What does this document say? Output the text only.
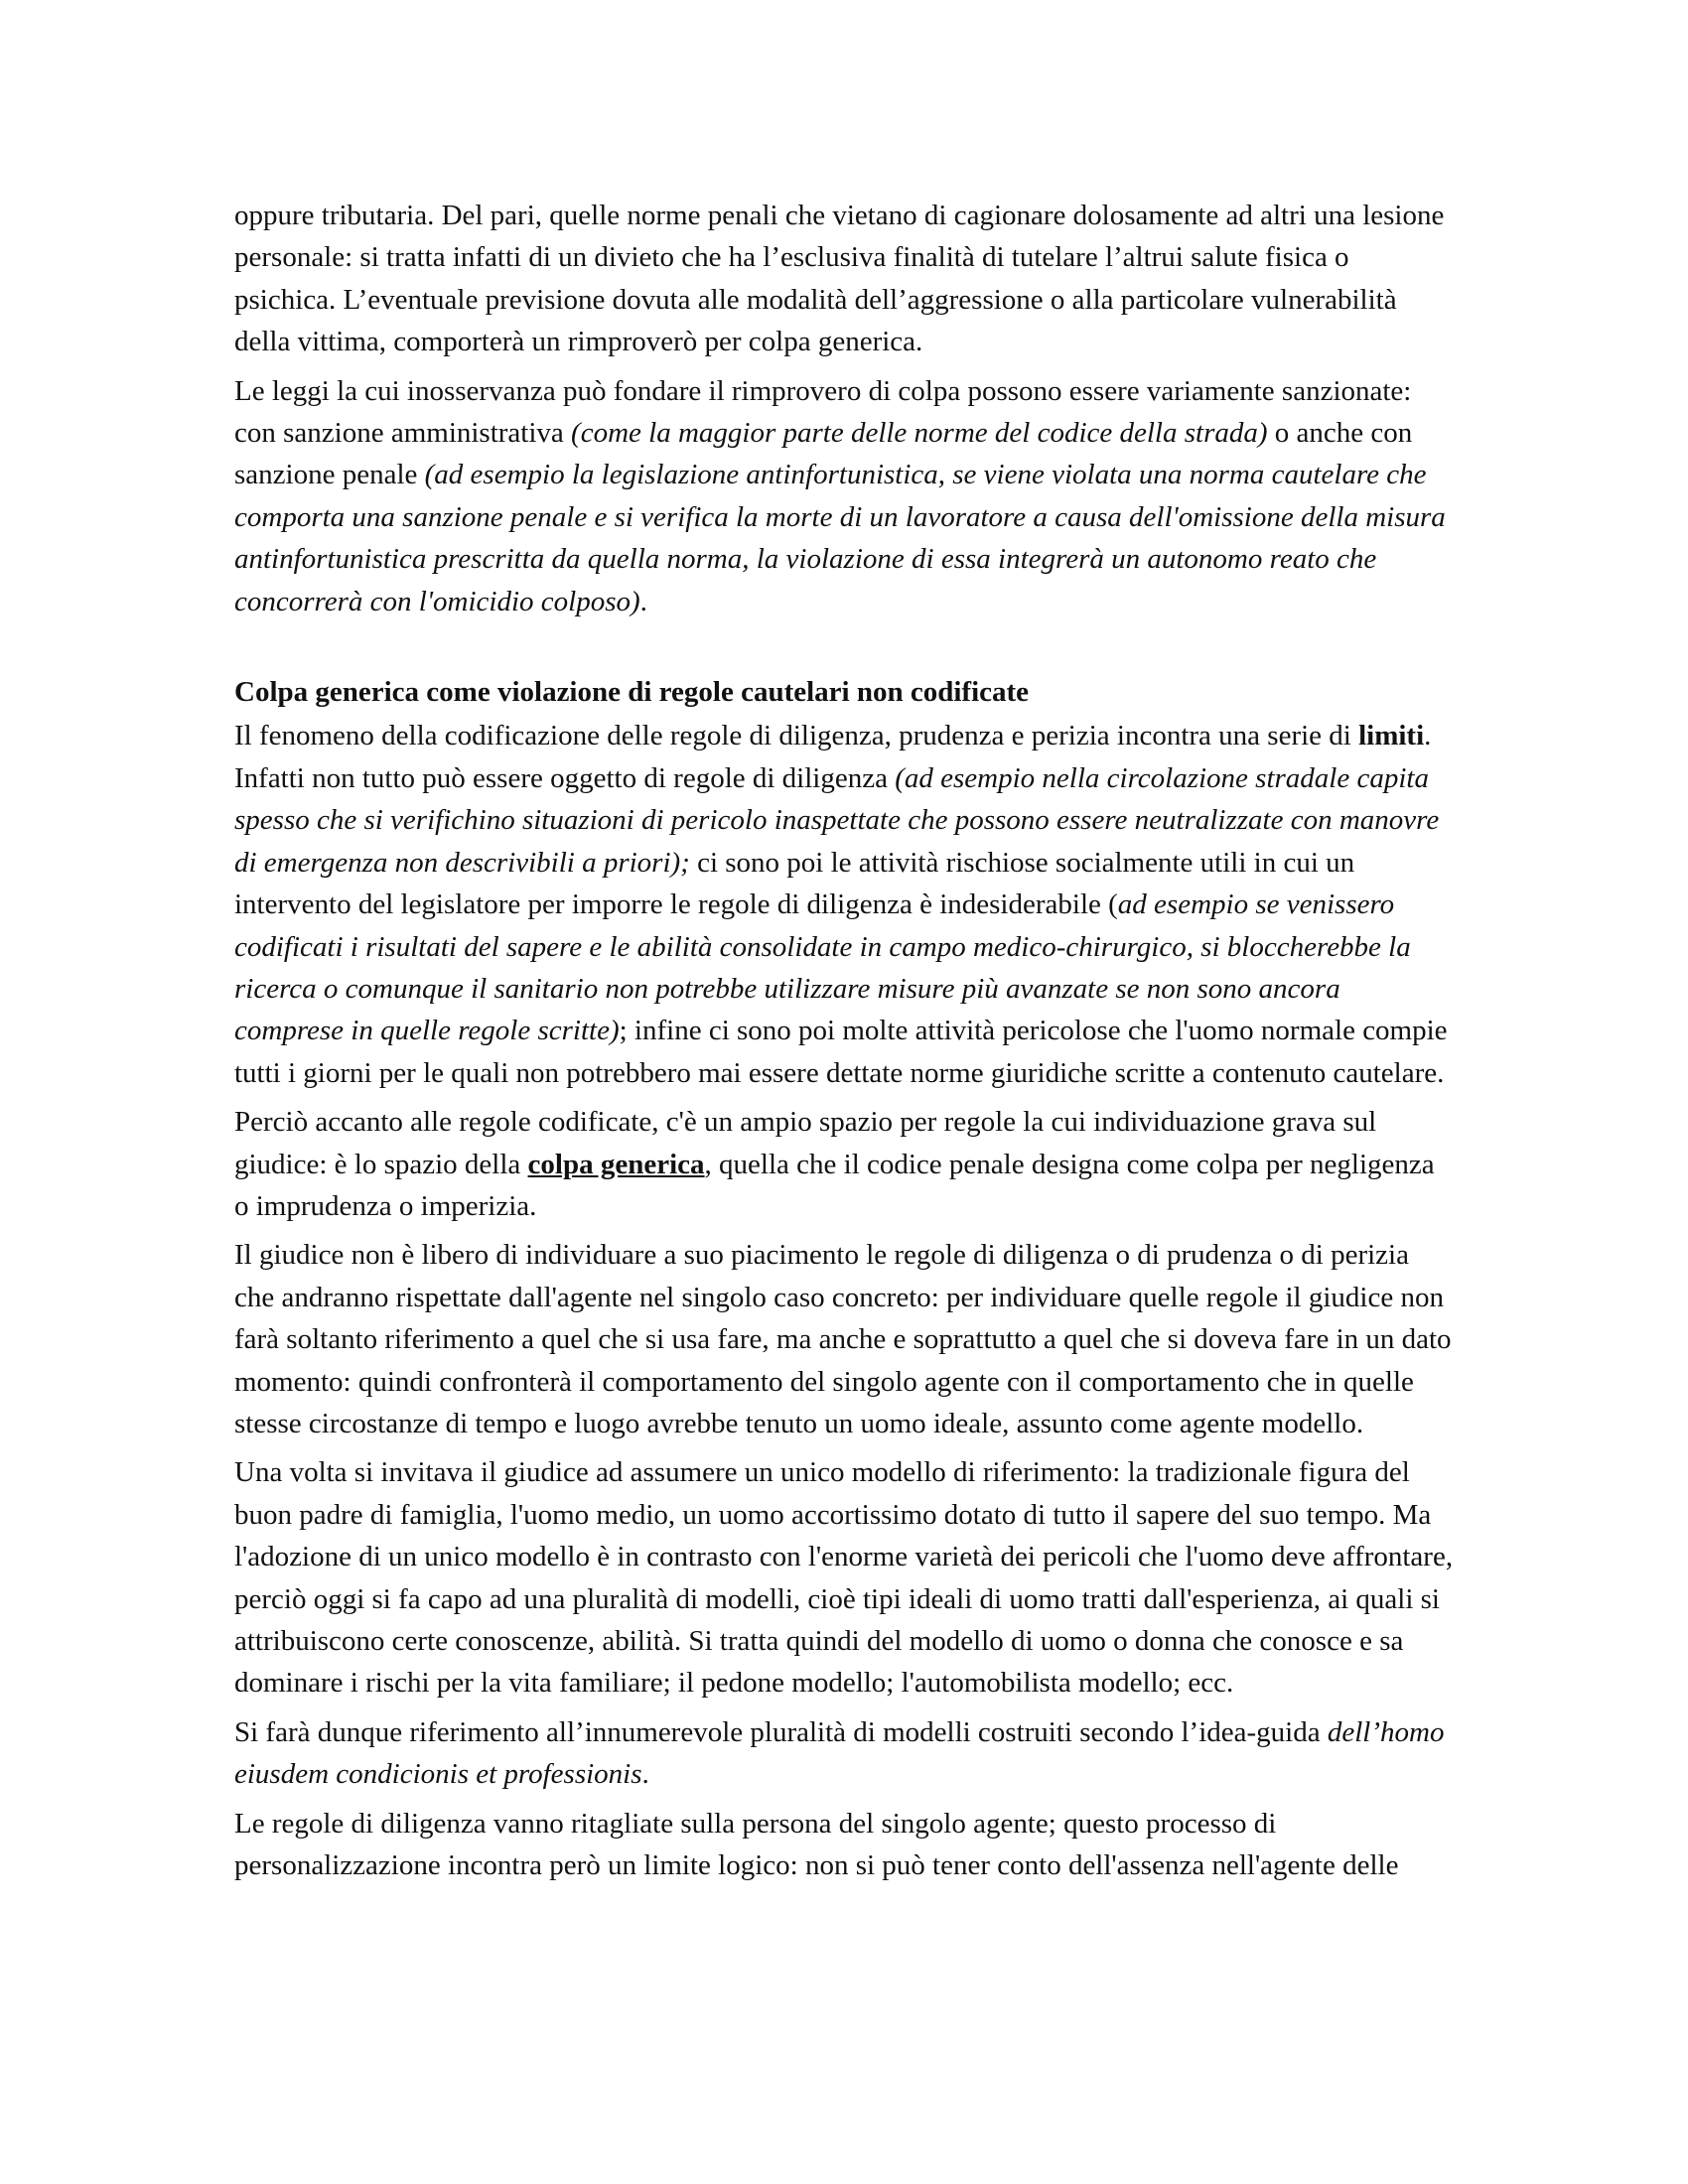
oppure tributaria. Del pari, quelle norme penali che vietano di cagionare dolosamente ad altri una lesione personale: si tratta infatti di un divieto che ha l’esclusiva finalità di tutelare l’altrui salute fisica o psichica. L’eventuale previsione dovuta alle modalità dell’aggressione o alla particolare vulnerabilità della vittima, comporterà un rimproverò per colpa generica.

Le leggi la cui inosservanza può fondare il rimprovero di colpa possono essere variamente sanzionate: con sanzione amministrativa (come la maggior parte delle norme del codice della strada) o anche con sanzione penale (ad esempio la legislazione antinfortunistica, se viene violata una norma cautelare che comporta una sanzione penale e si verifica la morte di un lavoratore a causa dell'omissione della misura antinfortunistica prescritta da quella norma, la violazione di essa integrerà un autonomo reato che concorrerà con l'omicidio colposo).

Colpa generica come violazione di regole cautelari non codificate

Il fenomeno della codificazione delle regole di diligenza, prudenza e perizia incontra una serie di limiti. Infatti non tutto può essere oggetto di regole di diligenza (ad esempio nella circolazione stradale capita spesso che si verifichino situazioni di pericolo inaspettate che possono essere neutralizzate con manovre di emergenza non descrivibili a priori); ci sono poi le attività rischiose socialmente utili in cui un intervento del legislatore per imporre le regole di diligenza è indesiderabile (ad esempio se venissero codificati i risultati del sapere e le abilità consolidate in campo medico-chirurgico, si bloccherebbe la ricerca o comunque il sanitario non potrebbe utilizzare misure più avanzate se non sono ancora comprese in quelle regole scritte); infine ci sono poi molte attività pericolose che l'uomo normale compie tutti i giorni per le quali non potrebbero mai essere dettate norme giuridiche scritte a contenuto cautelare.

Perciò accanto alle regole codificate, c'è un ampio spazio per regole la cui individuazione grava sul giudice: è lo spazio della colpa generica, quella che il codice penale designa come colpa per negligenza o imprudenza o imperizia.

Il giudice non è libero di individuare a suo piacimento le regole di diligenza o di prudenza o di perizia che andranno rispettate dall'agente nel singolo caso concreto: per individuare quelle regole il giudice non farà soltanto riferimento a quel che si usa fare, ma anche e soprattutto a quel che si doveva fare in un dato momento: quindi confronterà il comportamento del singolo agente con il comportamento che in quelle stesse circostanze di tempo e luogo avrebbe tenuto un uomo ideale, assunto come agente modello.

Una volta si invitava il giudice ad assumere un unico modello di riferimento: la tradizionale figura del buon padre di famiglia, l'uomo medio, un uomo accortissimo dotato di tutto il sapere del suo tempo. Ma l'adozione di un unico modello è in contrasto con l'enorme varietà dei pericoli che l'uomo deve affrontare, perciò oggi si fa capo ad una pluralità di modelli, cioè tipi ideali di uomo tratti dall'esperienza, ai quali si attribuiscono certe conoscenze, abilità. Si tratta quindi del modello di uomo o donna che conosce e sa dominare i rischi per la vita familiare; il pedone modello; l'automobilista modello; ecc.

Si farà dunque riferimento all’innumerevole pluralità di modelli costruiti secondo l’idea-guida dell’homo eiusdem condicionis et professionis.

Le regole di diligenza vanno ritagliate sulla persona del singolo agente; questo processo di personalizzazione incontra però un limite logico: non si può tener conto dell'assenza nell'agente delle
